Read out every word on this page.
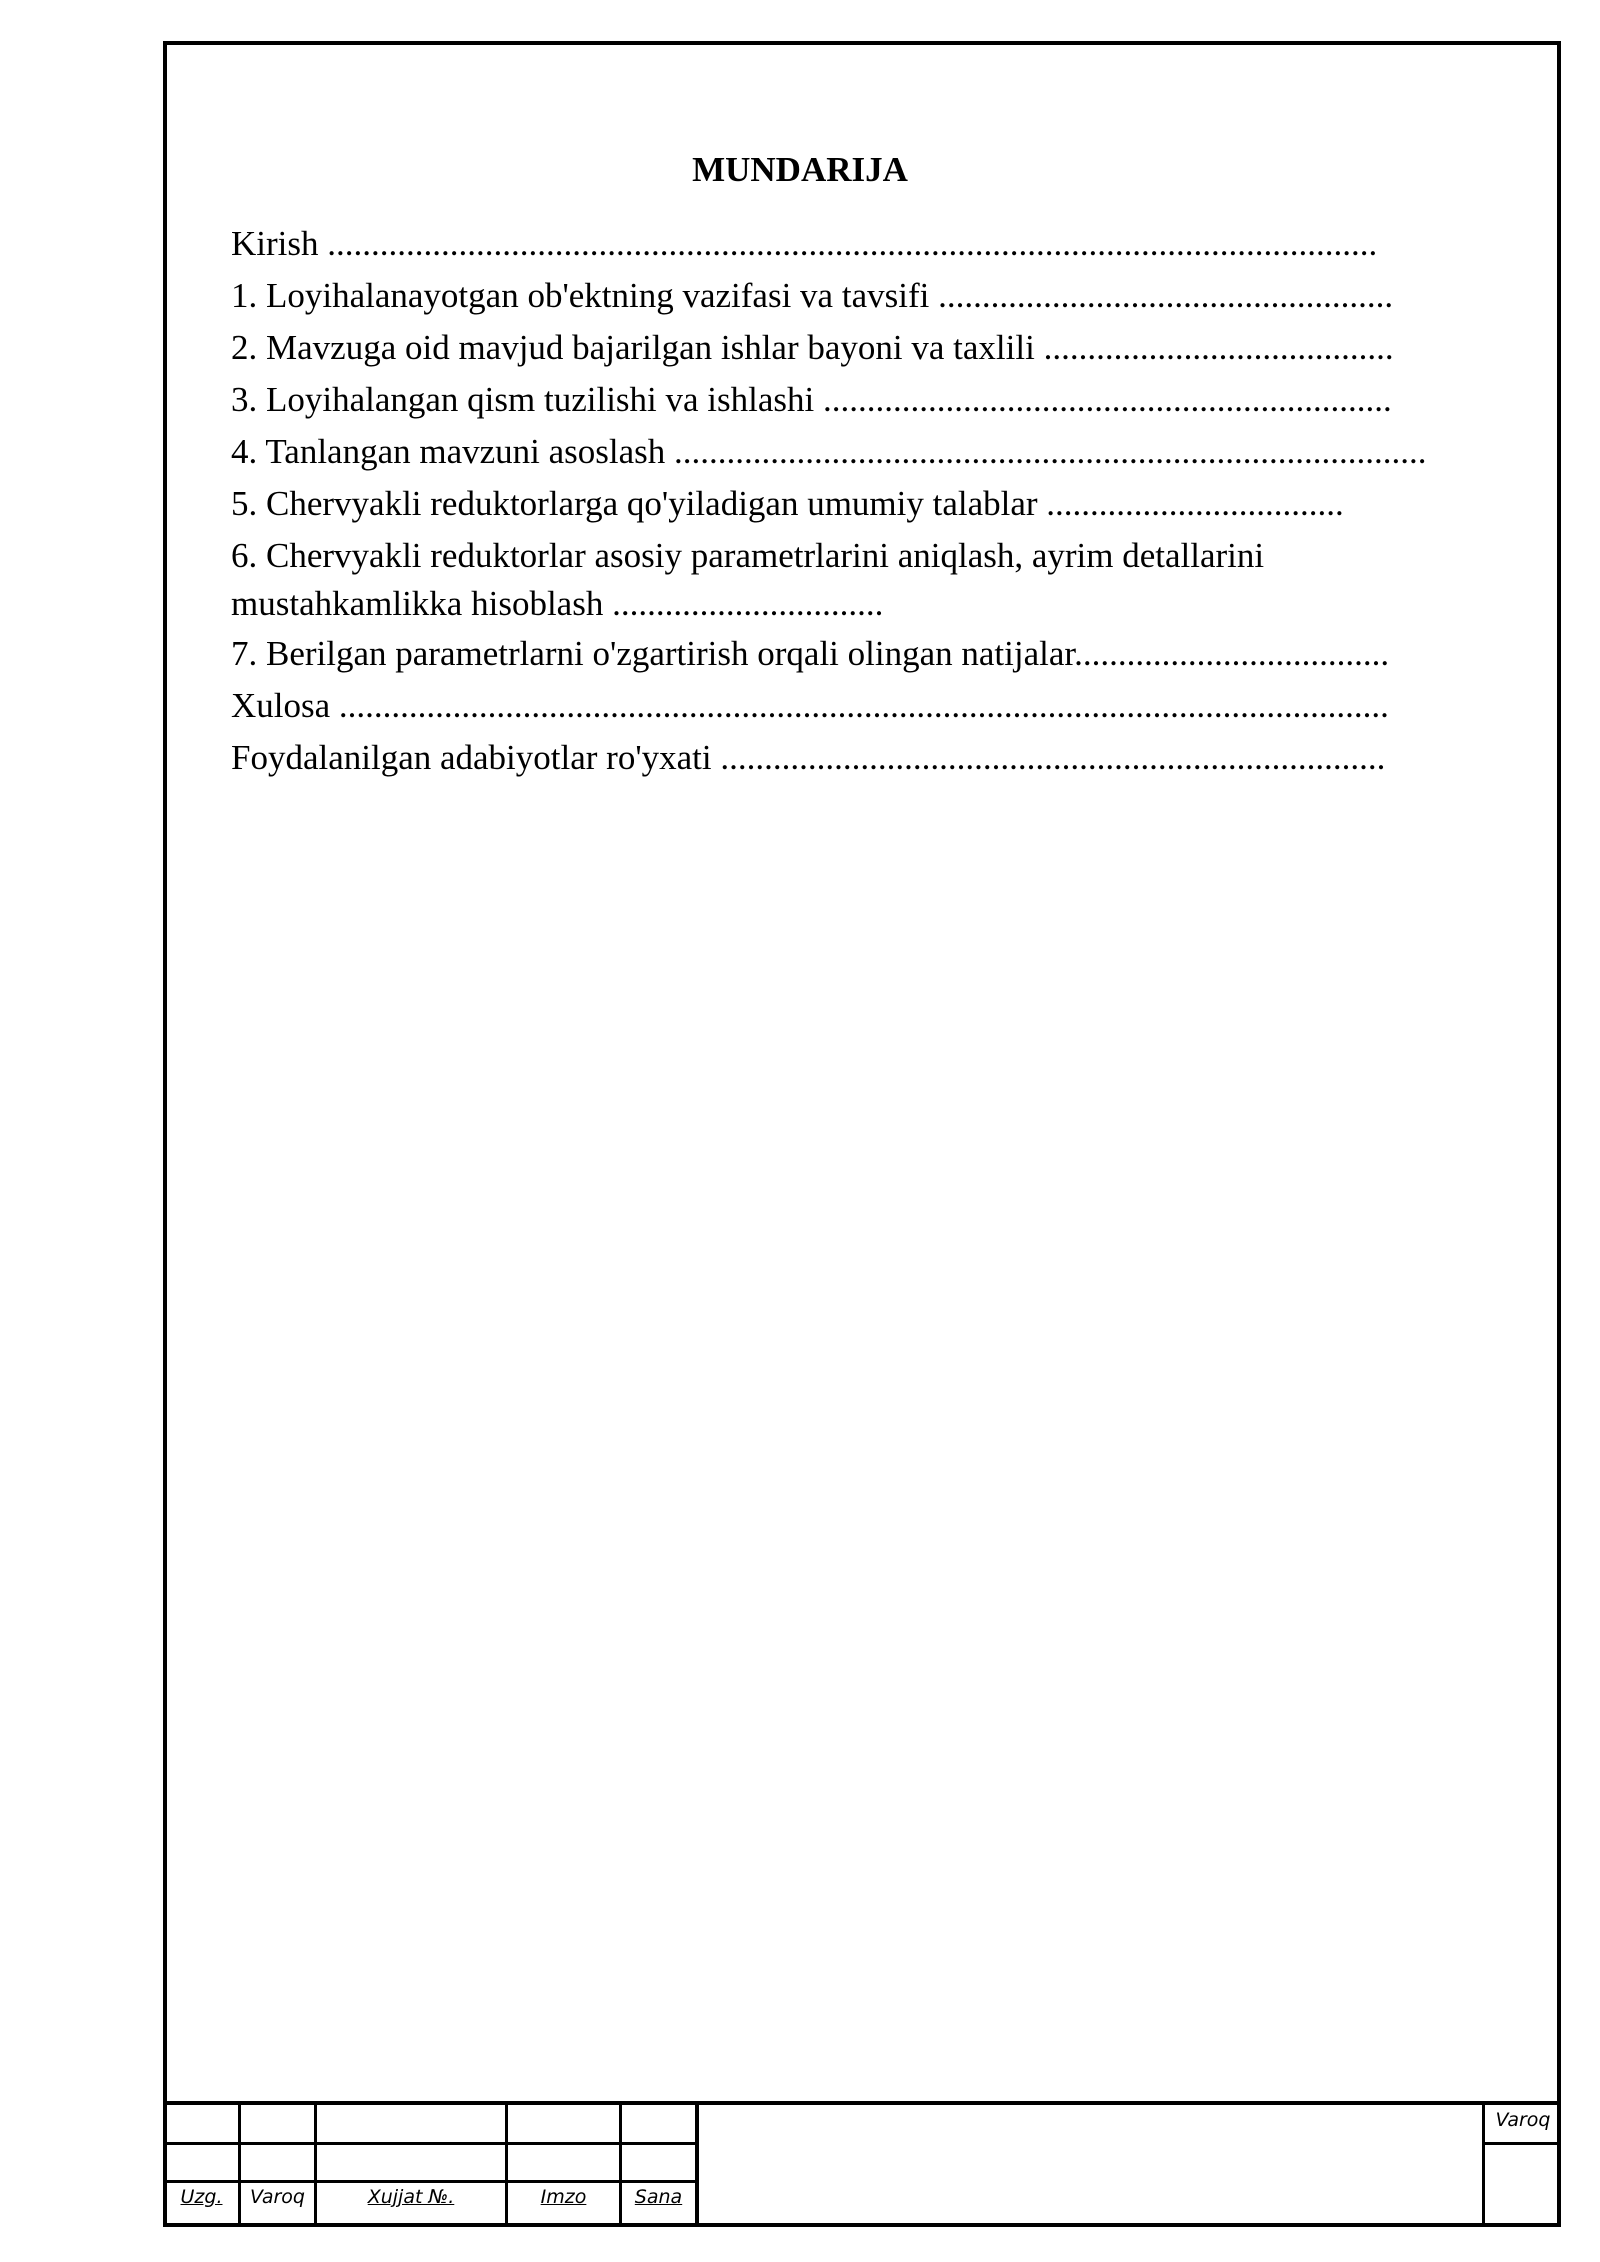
MUNDARIJA
Kirish ........................................................................................................................
1. Loyihalanayotgan ob'ektning vazifasi va tavsifi ....................................................
2. Mavzuga oid mavjud bajarilgan ishlar bayoni va taxlili ........................................
3. Loyihalangan qism tuzilishi va ishlashi .................................................................
4. Tanlangan mavzuni asoslash ......................................................................................
5. Chervyakli reduktorlarga qo'yiladigan umumiy talablar ..................................
6. Chervyakli reduktorlar asosiy parametrlarini aniqlash, ayrim detallarini mustahkamlikka hisoblash ...............................
7. Berilgan parametrlarni o'zgartirish orqali olingan natijalar....................................
Xulosa ........................................................................................................................
Foydalanilgan adabiyotlar ro'yxati ............................................................................
Uzg.	Varoq	Xujjat №.	Imzo	Sana
Varoq
